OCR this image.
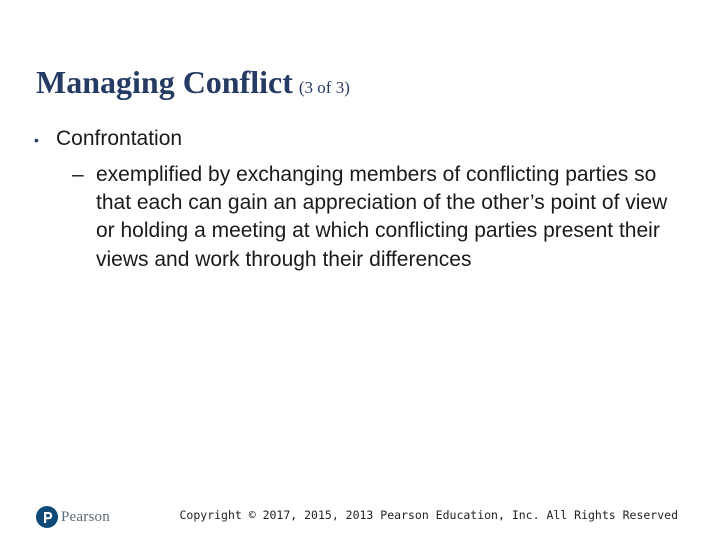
Managing Conflict (3 of 3)
• Confrontation
– exemplified by exchanging members of conflicting parties so that each can gain an appreciation of the other’s point of view or holding a meeting at which conflicting parties present their views and work through their differences
Pearson	Copyright © 2017, 2015, 2013 Pearson Education, Inc. All Rights Reserved
